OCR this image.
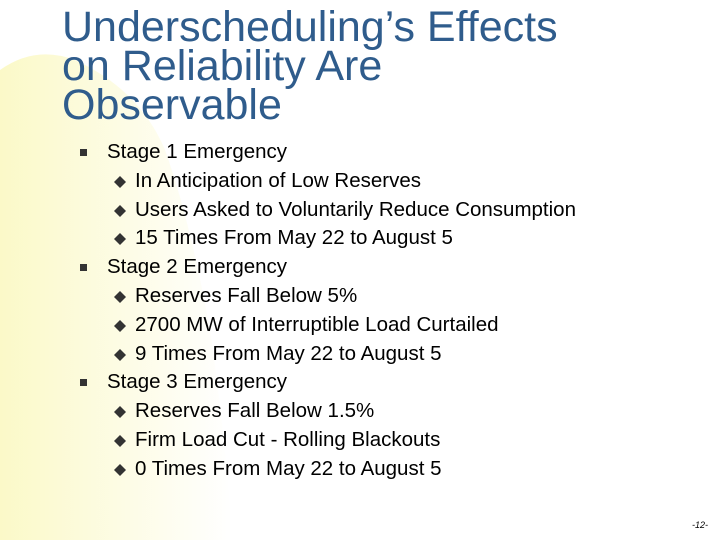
Underscheduling’s Effects
on Reliability Are
Observable
Stage 1 Emergency
In Anticipation of Low Reserves
Users Asked to Voluntarily Reduce Consumption
15 Times From May 22 to August 5
Stage 2 Emergency
Reserves Fall Below 5%
2700 MW of Interruptible Load Curtailed
9 Times From May 22 to August 5
Stage 3 Emergency
Reserves Fall Below 1.5%
Firm Load Cut - Rolling Blackouts
0 Times From May 22 to August 5
-12-
